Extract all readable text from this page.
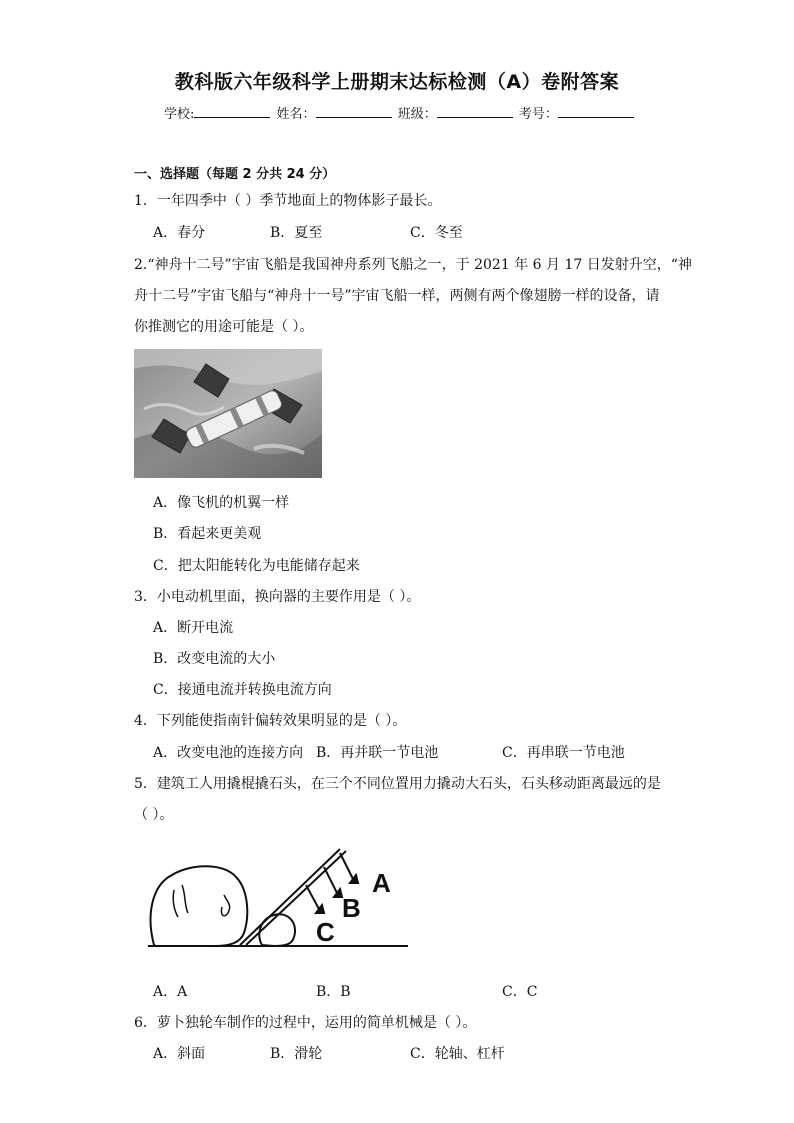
教科版六年级科学上册期末达标检测（A）卷附答案
学校:	姓名：	班级：	考号：
一、选择题（每题 2 分共 24 分）
1．一年四季中（ ）季节地面上的物体影子最长。
A．春分	B．夏至	C．冬至
2.“神舟十二号”宇宙飞船是我国神舟系列飞船之一，于 2021 年 6 月 17 日发射升空，“神
舟十二号”宇宙飞船与“神舟十一号”宇宙飞船一样，两侧有两个像翅膀一样的设备，请
你推测它的用途可能是（ ）。
A．像飞机的机翼一样
B．看起来更美观
C．把太阳能转化为电能储存起来
3．小电动机里面，换向器的主要作用是（ ）。
A．断开电流
B．改变电流的大小
C．接通电流并转换电流方向
4．下列能使指南针偏转效果明显的是（ ）。
A．改变电池的连接方向 B．再并联一节电池	C．再串联一节电池
5．建筑工人用撬棍撬石头，在三个不同位置用力撬动大石头，石头移动距离最远的是
（ ）。
A
B
C
A．A	B．B	C．C
6．萝卜独轮车制作的过程中，运用的简单机械是（ ）。
A．斜面	B．滑轮	C．轮轴、杠杆
